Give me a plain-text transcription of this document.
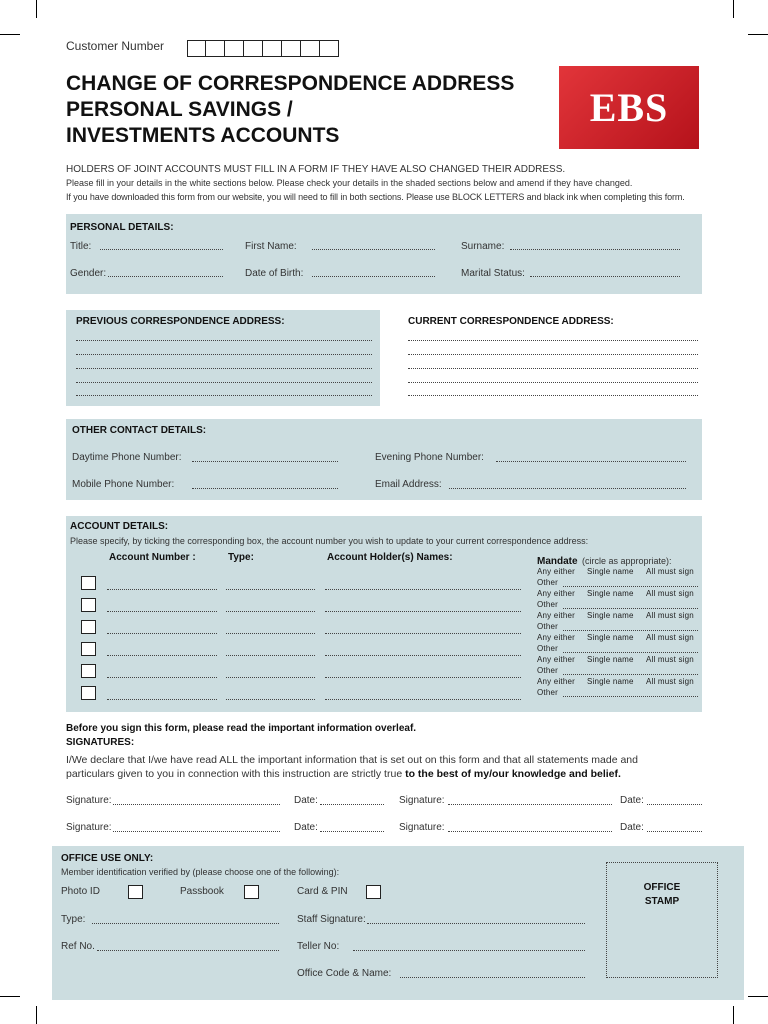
Customer Number
CHANGE OF CORRESPONDENCE ADDRESS
PERSONAL SAVINGS /
INVESTMENTS ACCOUNTS
EBS
HOLDERS OF JOINT ACCOUNTS MUST FILL IN A FORM IF THEY HAVE ALSO CHANGED THEIR ADDRESS.
Please fill in your details in the white sections below. Please check your details in the shaded sections below and amend if they have changed.
If you have downloaded this form from our website, you will need to fill in both sections. Please use BLOCK LETTERS and black ink when completing this form.
PERSONAL DETAILS:
Title:	First Name:	Surname:
Gender:	Date of Birth:	Marital Status:
PREVIOUS CORRESPONDENCE ADDRESS:	CURRENT CORRESPONDENCE ADDRESS:
OTHER CONTACT DETAILS:
Daytime Phone Number:	Evening Phone Number:
Mobile Phone Number:	Email Address:
ACCOUNT DETAILS:
Please specify, by ticking the corresponding box, the account number you wish to update to your current correspondence address:
Account Number :	Type:	Account Holder(s) Names:	Mandate (circle as appropriate):
Any either Single name All must sign
Other
Any either Single name All must sign
Other
Any either Single name All must sign
Other
Any either Single name All must sign
Other
Any either Single name All must sign
Other
Any either Single name All must sign
Other
Before you sign this form, please read the important information overleaf.
SIGNATURES:
I/We declare that I/we have read ALL the important information that is set out on this form and that all statements made and
particulars given to you in connection with this instruction are strictly true to the best of my/our knowledge and belief.
Signature:	Date:	Signature:	Date:
Signature:	Date:	Signature:	Date:
OFFICE USE ONLY:
Member identification verified by (please choose one of the following):
Photo ID	Passbook	Card & PIN
Type:
Ref No.
Staff Signature:
Teller No:
Office Code & Name:
OFFICE
STAMP
